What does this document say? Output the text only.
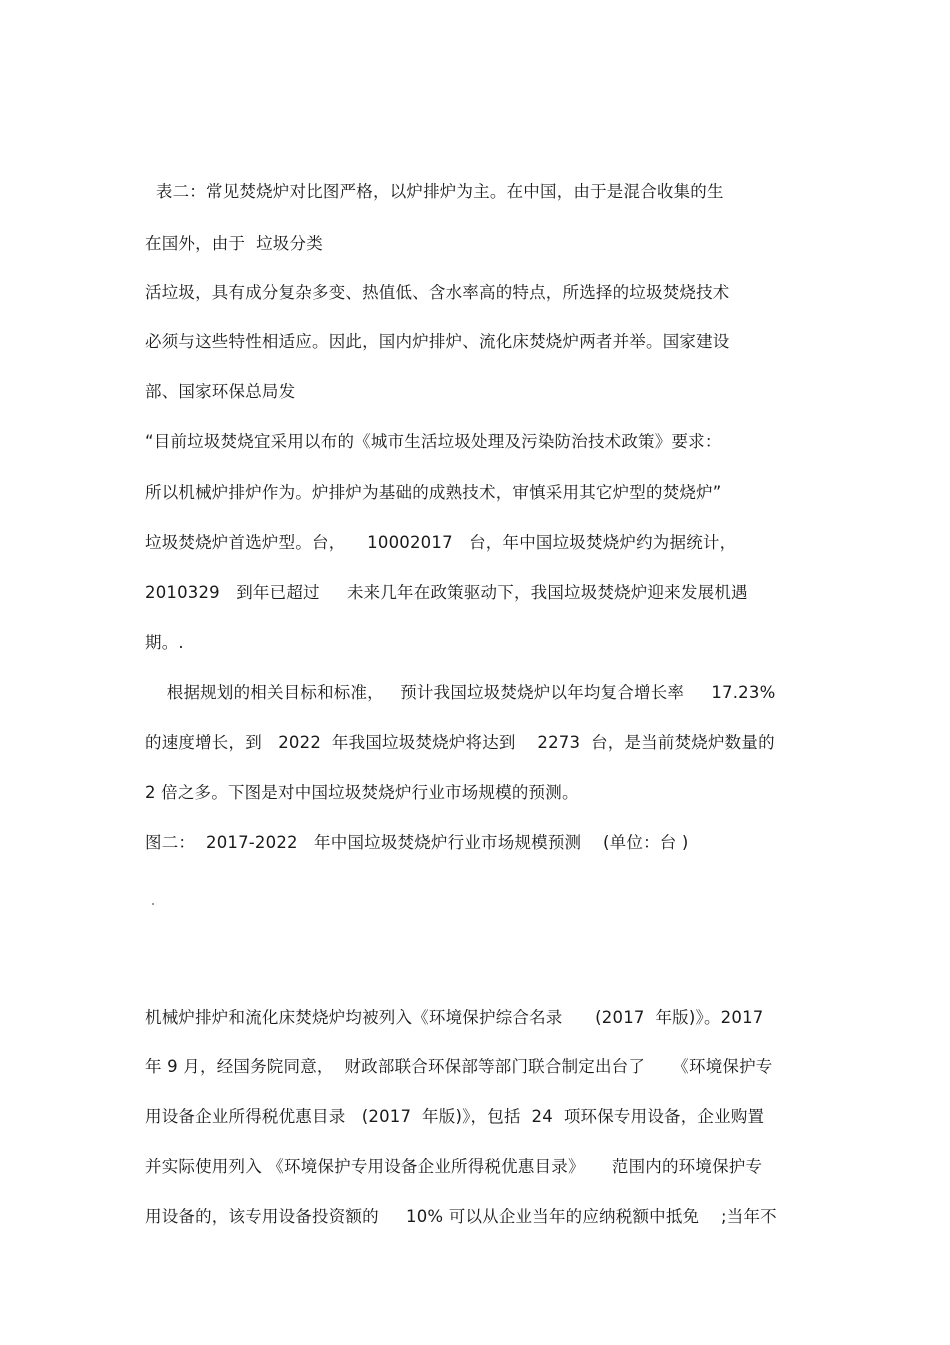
表二：常见焚烧炉对比图严格，以炉排炉为主。在中国，由于是混合收集的生
在国外，由于  垃圾分类
活垃圾，具有成分复杂多变、热值低、含水率高的特点，所选择的垃圾焚烧技术
必须与这些特性相适应。因此，国内炉排炉、流化床焚烧炉两者并举。国家建设
部、国家环保总局发
“目前垃圾焚烧宜采用以布的《城市生活垃圾处理及污染防治技术政策》要求：
所以机械炉排炉作为。炉排炉为基础的成熟技术，审慎采用其它炉型的焚烧炉”
垃圾焚烧炉首选炉型。台，    10002017   台，年中国垃圾焚烧炉约为据统计，
2010329   到年已超过     未来几年在政策驱动下，我国垃圾焚烧炉迎来发展机遇
期。.
根据规划的相关目标和标准，   预计我国垃圾焚烧炉以年均复合增长率     17.23%
的速度增长，到   2022  年我国垃圾焚烧炉将达到    2273  台，是当前焚烧炉数量的
2 倍之多。下图是对中国垃圾焚烧炉行业市场规模的预测。
图二：  2017-2022   年中国垃圾焚烧炉行业市场规模预测    (单位：台 )
机械炉排炉和流化床焚烧炉均被列入《环境保护综合名录      (2017  年版)》。2017
年 9 月，经国务院同意，  财政部联合环保部等部门联合制定出台了     《环境保护专
用设备企业所得税优惠目录   (2017  年版)》，包括  24  项环保专用设备，企业购置
并实际使用列入 《环境保护专用设备企业所得税优惠目录》     范围内的环境保护专
用设备的，该专用设备投资额的     10% 可以从企业当年的应纳税额中抵免    ;当年不
